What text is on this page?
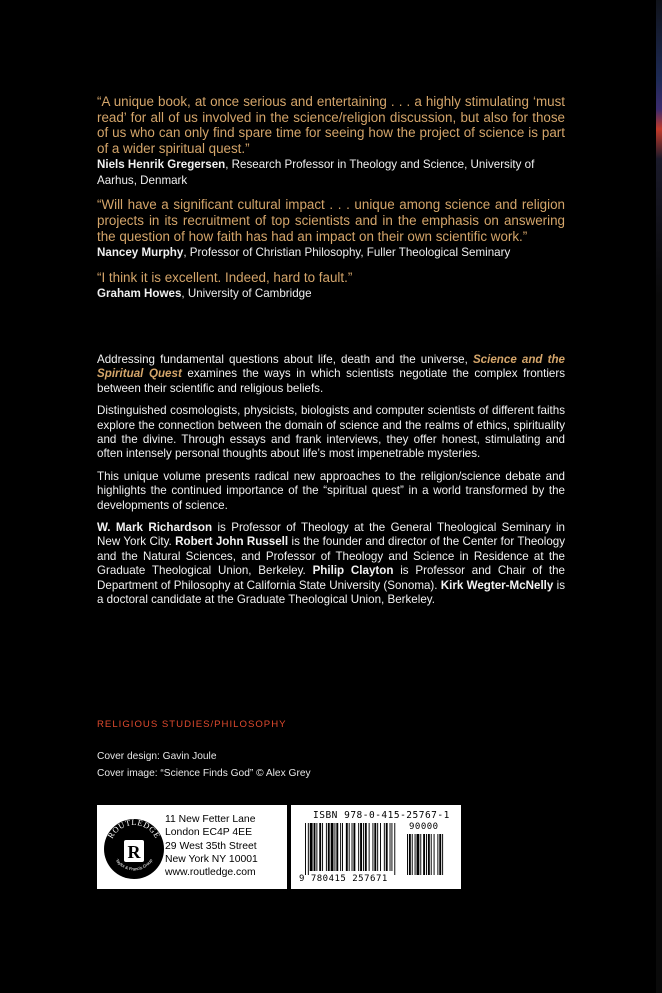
“A unique book, at once serious and entertaining . . . a highly stimulating ‘must read’ for all of us involved in the science/religion discussion, but also for those of us who can only find spare time for seeing how the project of science is part of a wider spiritual quest.”

Niels Henrik Gregersen, Research Professor in Theology and Science, University of Aarhus, Denmark

“Will have a significant cultural impact . . . unique among science and religion projects in its recruitment of top scientists and in the emphasis on answering the question of how faith has had an impact on their own scientific work.”

Nancey Murphy, Professor of Christian Philosophy, Fuller Theological Seminary

“I think it is excellent. Indeed, hard to fault.”

Graham Howes, University of Cambridge

Addressing fundamental questions about life, death and the universe, Science and the Spiritual Quest examines the ways in which scientists negotiate the complex frontiers between their scientific and religious beliefs.

Distinguished cosmologists, physicists, biologists and computer scientists of different faiths explore the connection between the domain of science and the realms of ethics, spirituality and the divine. Through essays and frank interviews, they offer honest, stimulating and often intensely personal thoughts about life’s most impenetrable mysteries.

This unique volume presents radical new approaches to the religion/science debate and highlights the continued importance of the “spiritual quest” in a world transformed by the developments of science.

W. Mark Richardson is Professor of Theology at the General Theological Seminary in New York City. Robert John Russell is the founder and director of the Center for Theology and the Natural Sciences, and Professor of Theology and Science in Residence at the Graduate Theological Union, Berkeley. Philip Clayton is Professor and Chair of the Department of Philosophy at California State University (Sonoma). Kirk Wegter-McNelly is a doctoral candidate at the Graduate Theological Union, Berkeley.

RELIGIOUS STUDIES/PHILOSOPHY
Cover design: Gavin Joule
Cover image: “Science Finds God” © Alex Grey
ROUTLEDGE
R
Taylor & Francis Group
11 New Fetter Lane
London EC4P 4EE
29 West 35th Street
New York NY 10001
www.routledge.com
ISBN 978-0-415-25767-1
90000
9 780415 257671
